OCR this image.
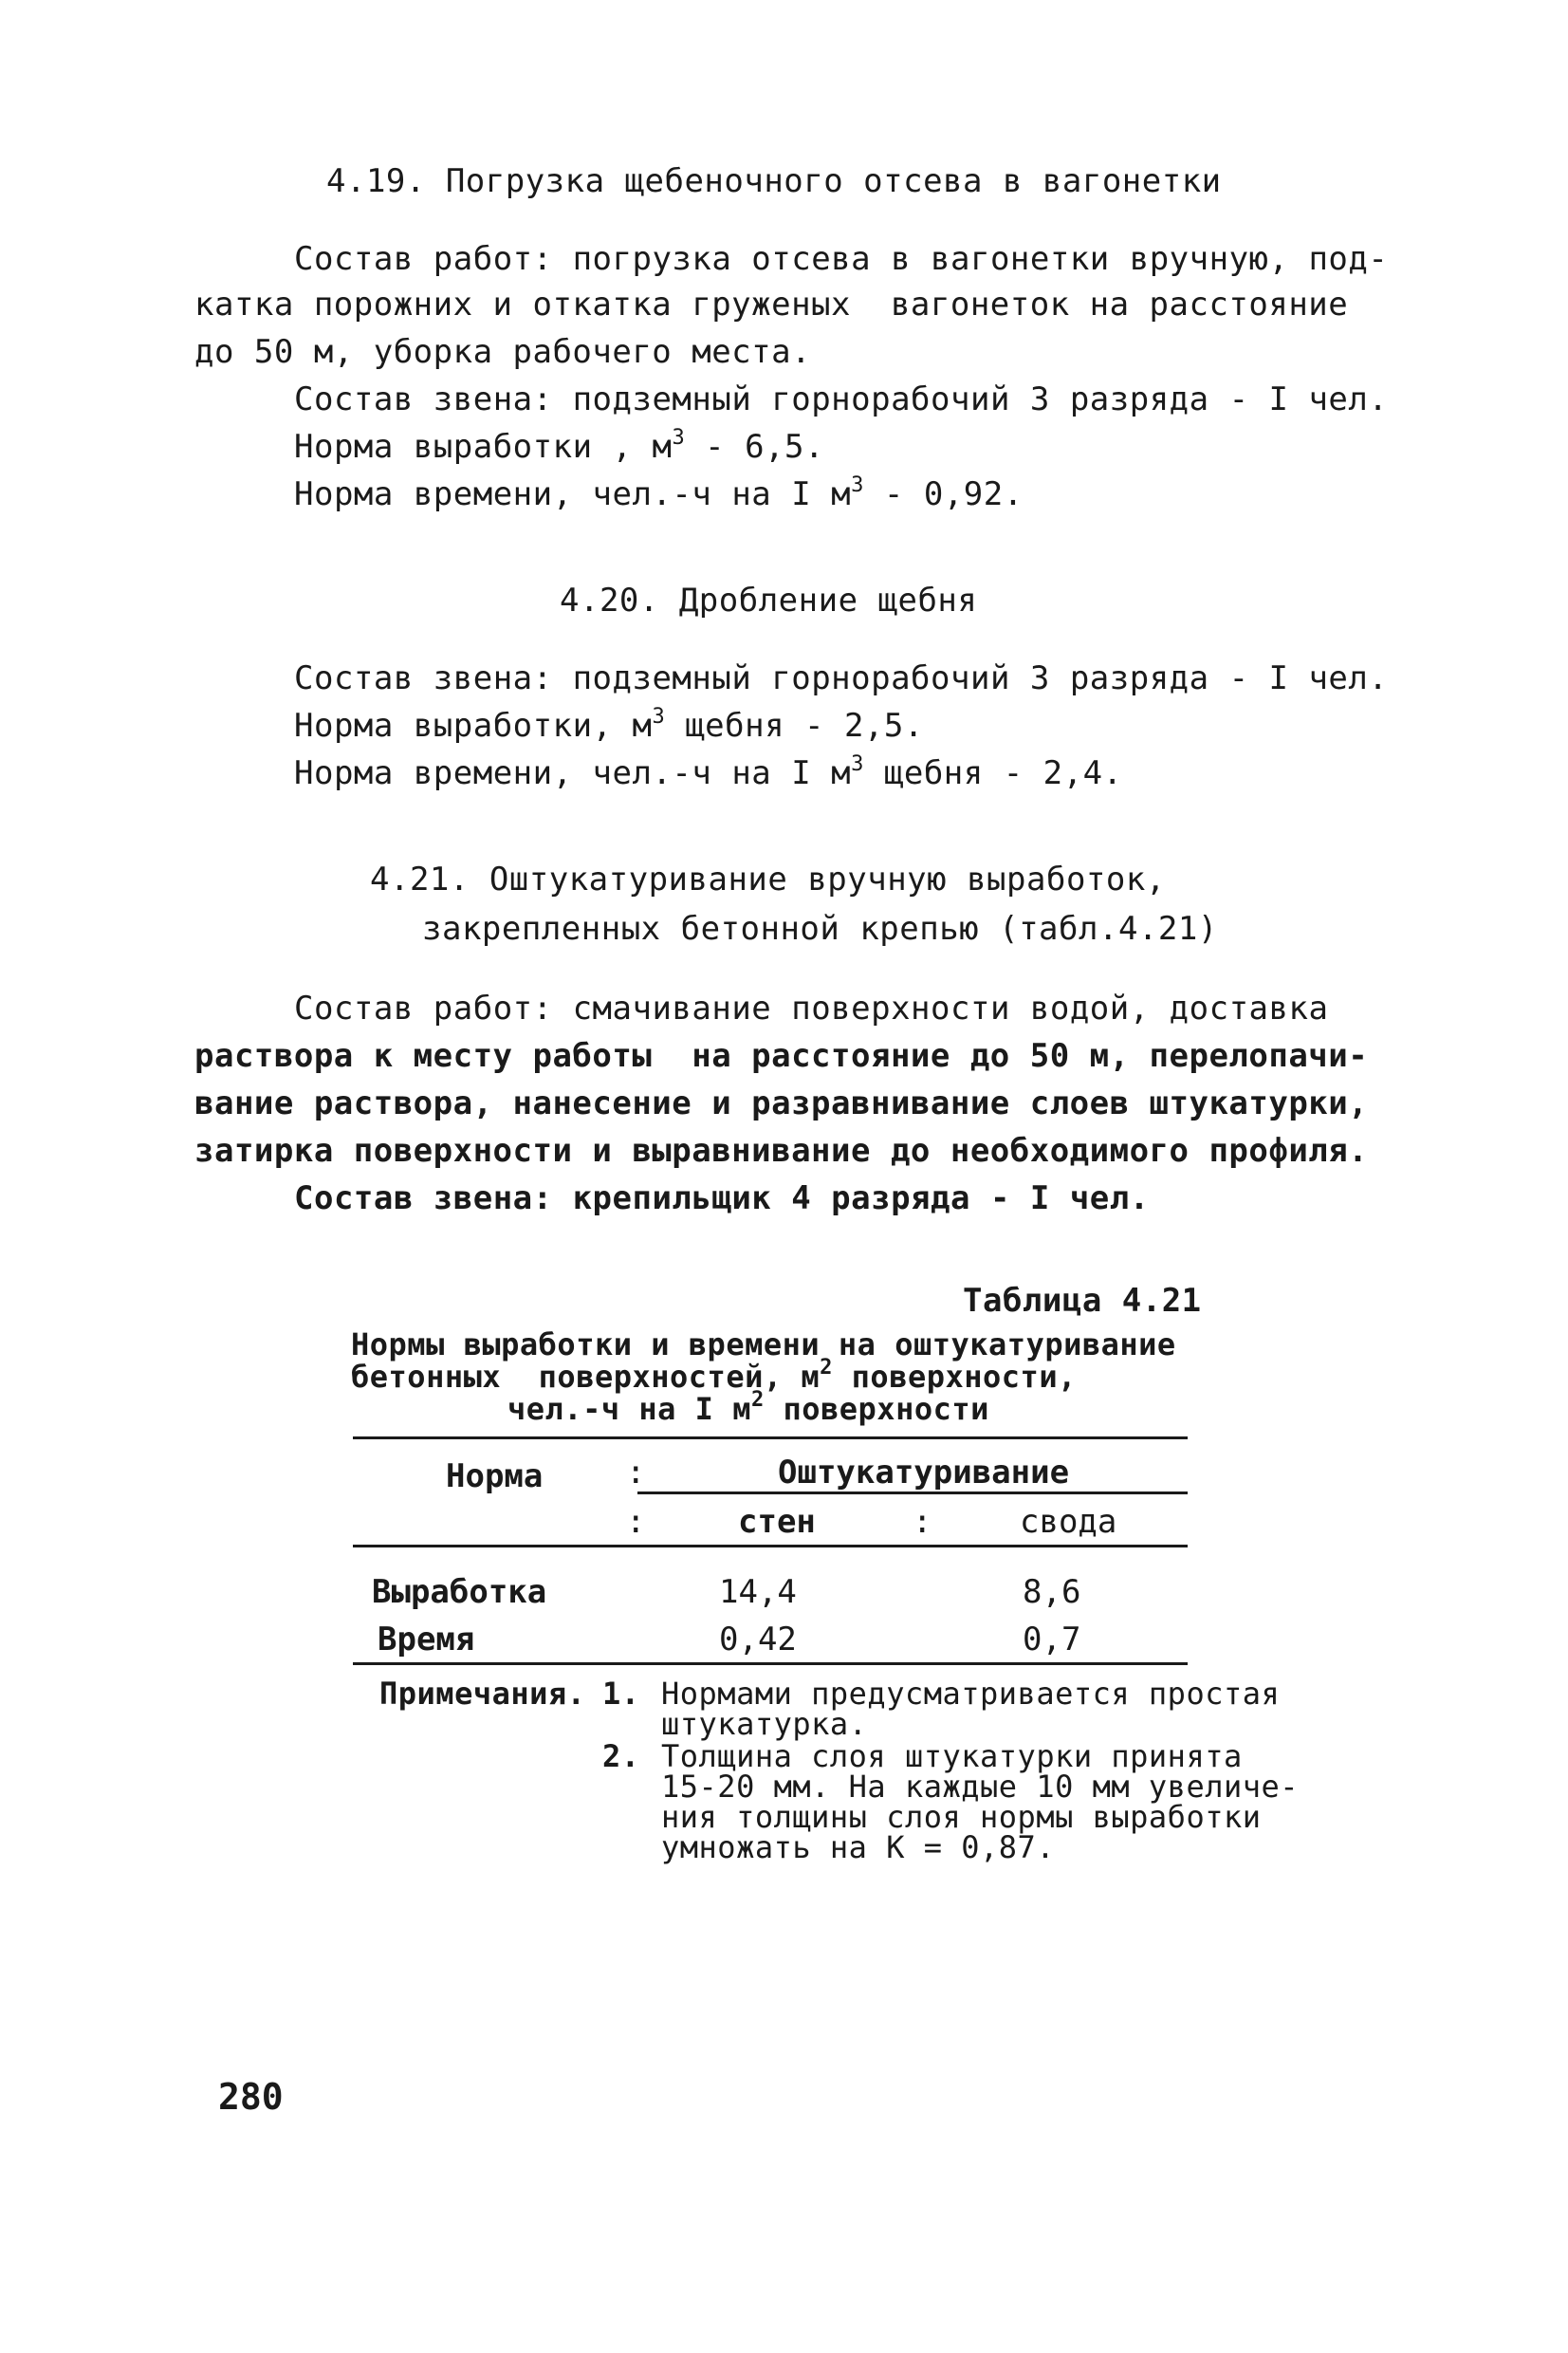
4.19. Погрузка щебеночного отсева в вагонетки
Состав работ: погрузка отсева в вагонетки вручную, под-
катка порожних и откатка груженых  вагонеток на расстояние
до 50 м, уборка рабочего места.
Состав звена: подземный горнорабочий 3 разряда - I чел.
Норма выработки , $м^3 - 6,5$.
Норма времени, чел.-ч на I $м^3 - 0,92$.
4.20. Дробление щебня
Состав звена: подземный горнорабочий 3 разряда - I чел.
Норма выработки, $м^3$ щебня - 2,5.
Норма времени, чел.-ч на I $м^3$ щебня - 2,4.
4.21. Оштукатуривание вручную выработок,
закрепленных бетонной крепью (табл.4.21)
Состав работ: смачивание поверхности водой, доставка
раствора к месту работы  на расстояние до 50 м, перелопачи-
вание раствора, нанесение и разравнивание слоев штукатурки,
затирка поверхности и выравнивание до необходимого профиля.
Состав звена: крепильщик 4 разряда - I чел.
Таблица 4.21
Нормы выработки и времени на оштукатуривание
бетонных  поверхностей, $м^2$ поверхности,
чел.-ч на I $м^2$ поверхности
Норма	:	Оштукатуривание
:	стен	:	свода
Выработка	14,4	8,6
Время	0,42	0,7
Примечания. 1. Нормами предусматривается простая
штукатурка.
2. Толщина слоя штукатурки принята
15-20 мм. На каждые 10 мм увеличе-
ния толщины слоя нормы выработки
умножать на К = 0,87.
280
